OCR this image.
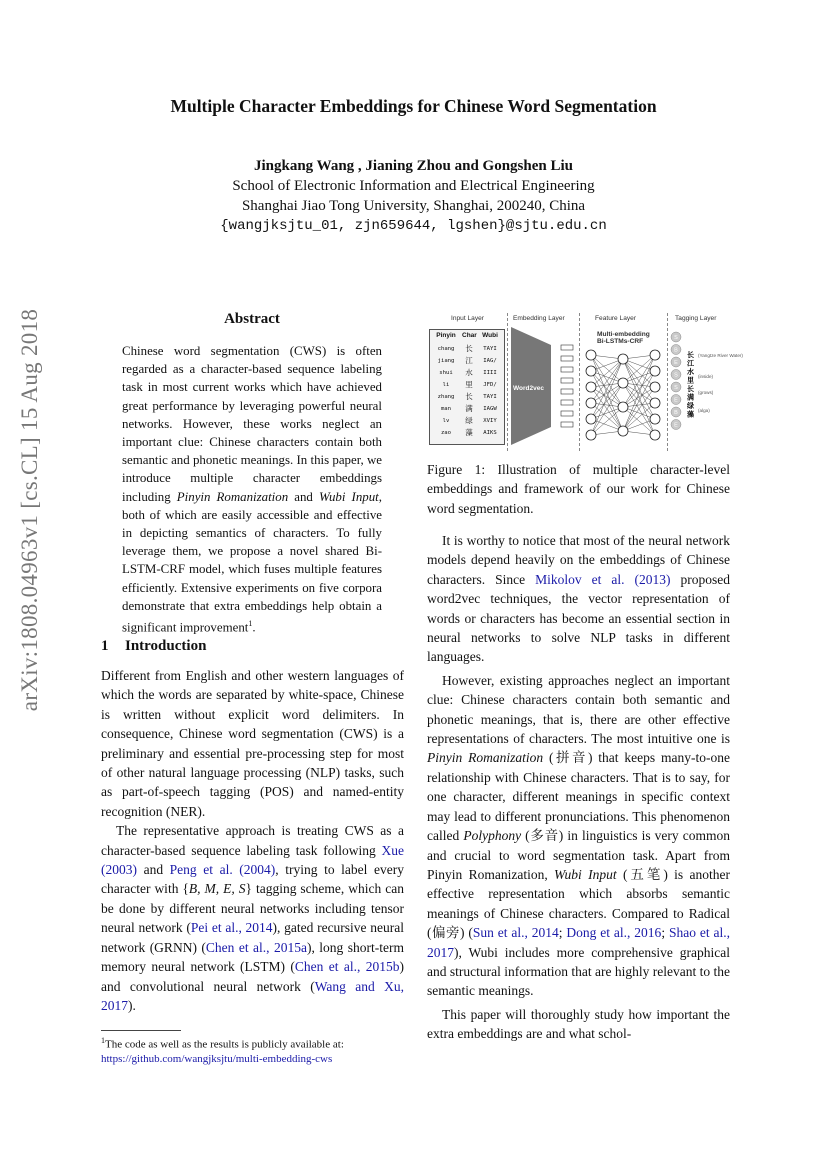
Multiple Character Embeddings for Chinese Word Segmentation
Jingkang Wang , Jianing Zhou and Gongshen Liu
School of Electronic Information and Electrical Engineering
Shanghai Jiao Tong University, Shanghai, 200240, China
{wangjksjtu_01, zjn659644, lgshen}@sjtu.edu.cn
arXiv:1808.04963v1 [cs.CL] 15 Aug 2018	Abstract
Chinese word segmentation (CWS) is often regarded as a character-based sequence labeling task in most current works which have achieved great performance by leveraging powerful neural networks. However, these works neglect an important clue: Chinese characters contain both semantic and phonetic meanings. In this paper, we introduce multiple character embeddings including Pinyin Romanization and Wubi Input, both of which are easily accessible and effective in depicting semantics of characters. To fully leverage them, we propose a novel shared Bi-LSTM-CRF model, which fuses multiple features efficiently. Extensive experiments on five corpora demonstrate that extra embeddings help obtain a significant improvement$^1$.
1 Introduction

Different from English and other western languages of which the words are separated by white-space, Chinese is written without explicit word delimiters. In consequence, Chinese word segmentation (CWS) is a preliminary and essential pre-processing step for most of other natural language processing (NLP) tasks, such as part-of-speech tagging (POS) and named-entity recognition (NER).

The representative approach is treating CWS as a character-based sequence labeling task following Xue (2003) and Peng et al. (2004), trying to label every character with {B, M, E, S} tagging scheme, which can be done by different neural networks including tensor neural network (Pei et al., 2014), gated recursive neural network (GRNN) (Chen et al., 2015a), long short-term memory neural network (LSTM) (Chen et al., 2015b) and convolutional neural network (Wang and Xu, 2017).

$^1$The code as well as the results is publicly available at:
https://github.com/wangjksjtu/multi-embedding-cws
Input Layer	Embedding Layer	Feature Layer	Tagging Layer
Pinyin Char Wubi
chang	长	TAYI
jiang	江	IAG/
shui	水	IIII
li	里	JFD/
zhang	长	TAYI
man	满	IAGW
lv	绿	XVIY
zao	藻	AIKS
Word2vec
Multi-embedding Bi-LSTMs-CRF	S
B
E
S
S
E
B
E
长
江
水
里
长
满
绿
藻
(Yangtze River Water)
(inside)
(grows)
(alga)
Figure 1: Illustration of multiple character-level embeddings and framework of our work for Chinese word segmentation.

It is worthy to notice that most of the neural network models depend heavily on the embeddings of Chinese characters. Since Mikolov et al. (2013) proposed word2vec techniques, the vector representation of words or characters has become an essential section in neural networks to solve NLP tasks in different languages.

However, existing approaches neglect an important clue: Chinese characters contain both semantic and phonetic meanings, that is, there are other effective representations of characters. The most intuitive one is Pinyin Romanization (拼音) that keeps many-to-one relationship with Chinese characters. That is to say, for one character, different meanings in specific context may lead to different pronunciations. This phenomenon called Polyphony (多音) in linguistics is very common and crucial to word segmentation task. Apart from Pinyin Romanization, Wubi Input (五笔) is another effective representation which absorbs semantic meanings of Chinese characters. Compared to Radical (偏旁) (Sun et al., 2014; Dong et al., 2016; Shao et al., 2017), Wubi includes more comprehensive graphical and structural information that are highly relevant to the semantic meanings.

This paper will thoroughly study how important the extra embeddings are and what schol-
